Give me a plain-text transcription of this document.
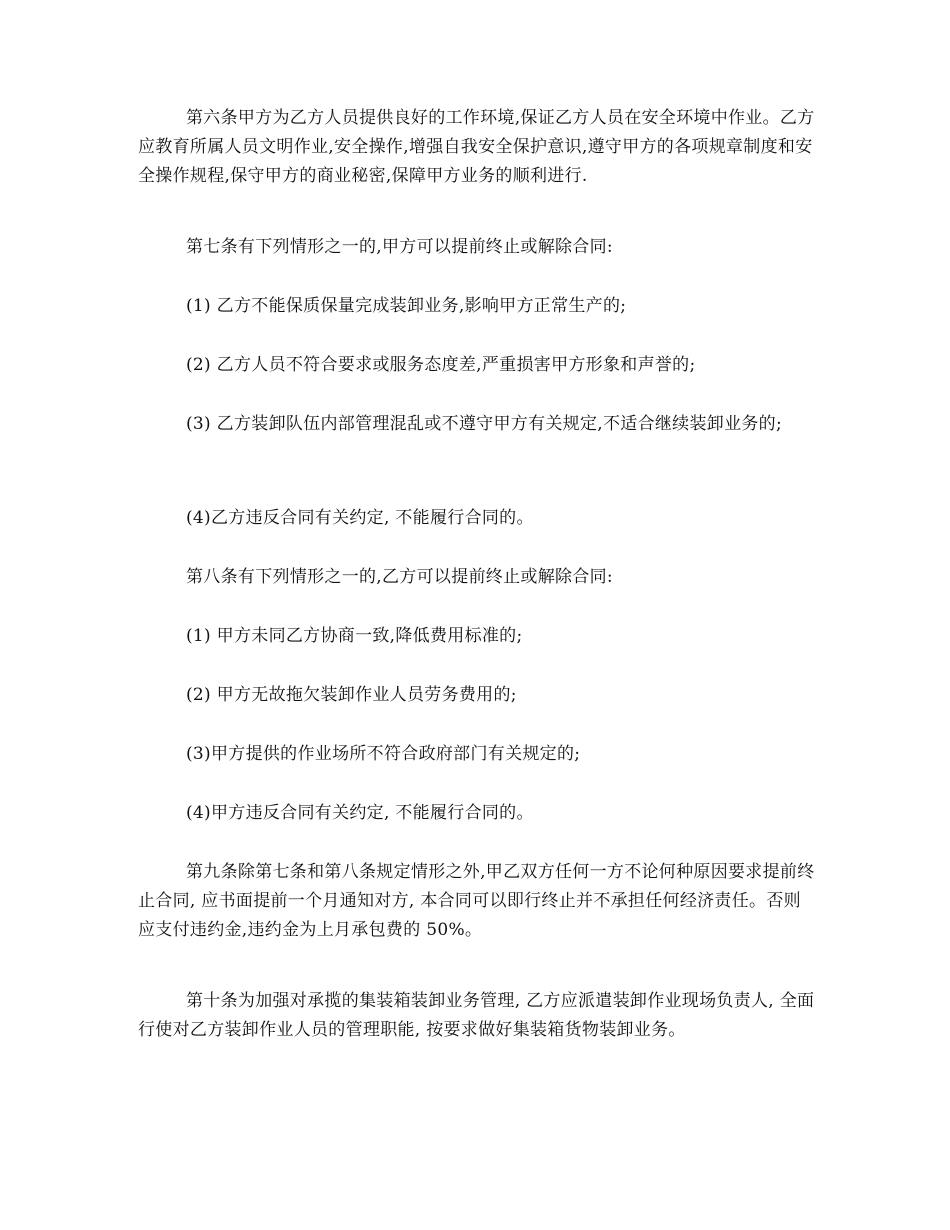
第六条甲方为乙方人员提供良好的工作环境,保证乙方人员在安全环境中作业。乙方应教育所属人员文明作业,安全操作,增强自我安全保护意识,遵守甲方的各项规章制度和安全操作规程,保守甲方的商业秘密,保障甲方业务的顺利进行.

第七条有下列情形之一的,甲方可以提前终止或解除合同:

(1) 乙方不能保质保量完成装卸业务,影响甲方正常生产的;

(2) 乙方人员不符合要求或服务态度差,严重损害甲方形象和声誉的;

(3) 乙方装卸队伍内部管理混乱或不遵守甲方有关规定,不适合继续装卸业务的;

(4)乙方违反合同有关约定, 不能履行合同的。

第八条有下列情形之一的,乙方可以提前终止或解除合同:

(1) 甲方未同乙方协商一致,降低费用标准的;

(2) 甲方无故拖欠装卸作业人员劳务费用的;

(3)甲方提供的作业场所不符合政府部门有关规定的;

(4)甲方违反合同有关约定, 不能履行合同的。

第九条除第七条和第八条规定情形之外,甲乙双方任何一方不论何种原因要求提前终止合同, 应书面提前一个月通知对方, 本合同可以即行终止并不承担任何经济责任。否则应支付违约金,违约金为上月承包费的 50%。

第十条为加强对承揽的集装箱装卸业务管理, 乙方应派遣装卸作业现场负责人, 全面行使对乙方装卸作业人员的管理职能, 按要求做好集装箱货物装卸业务。
